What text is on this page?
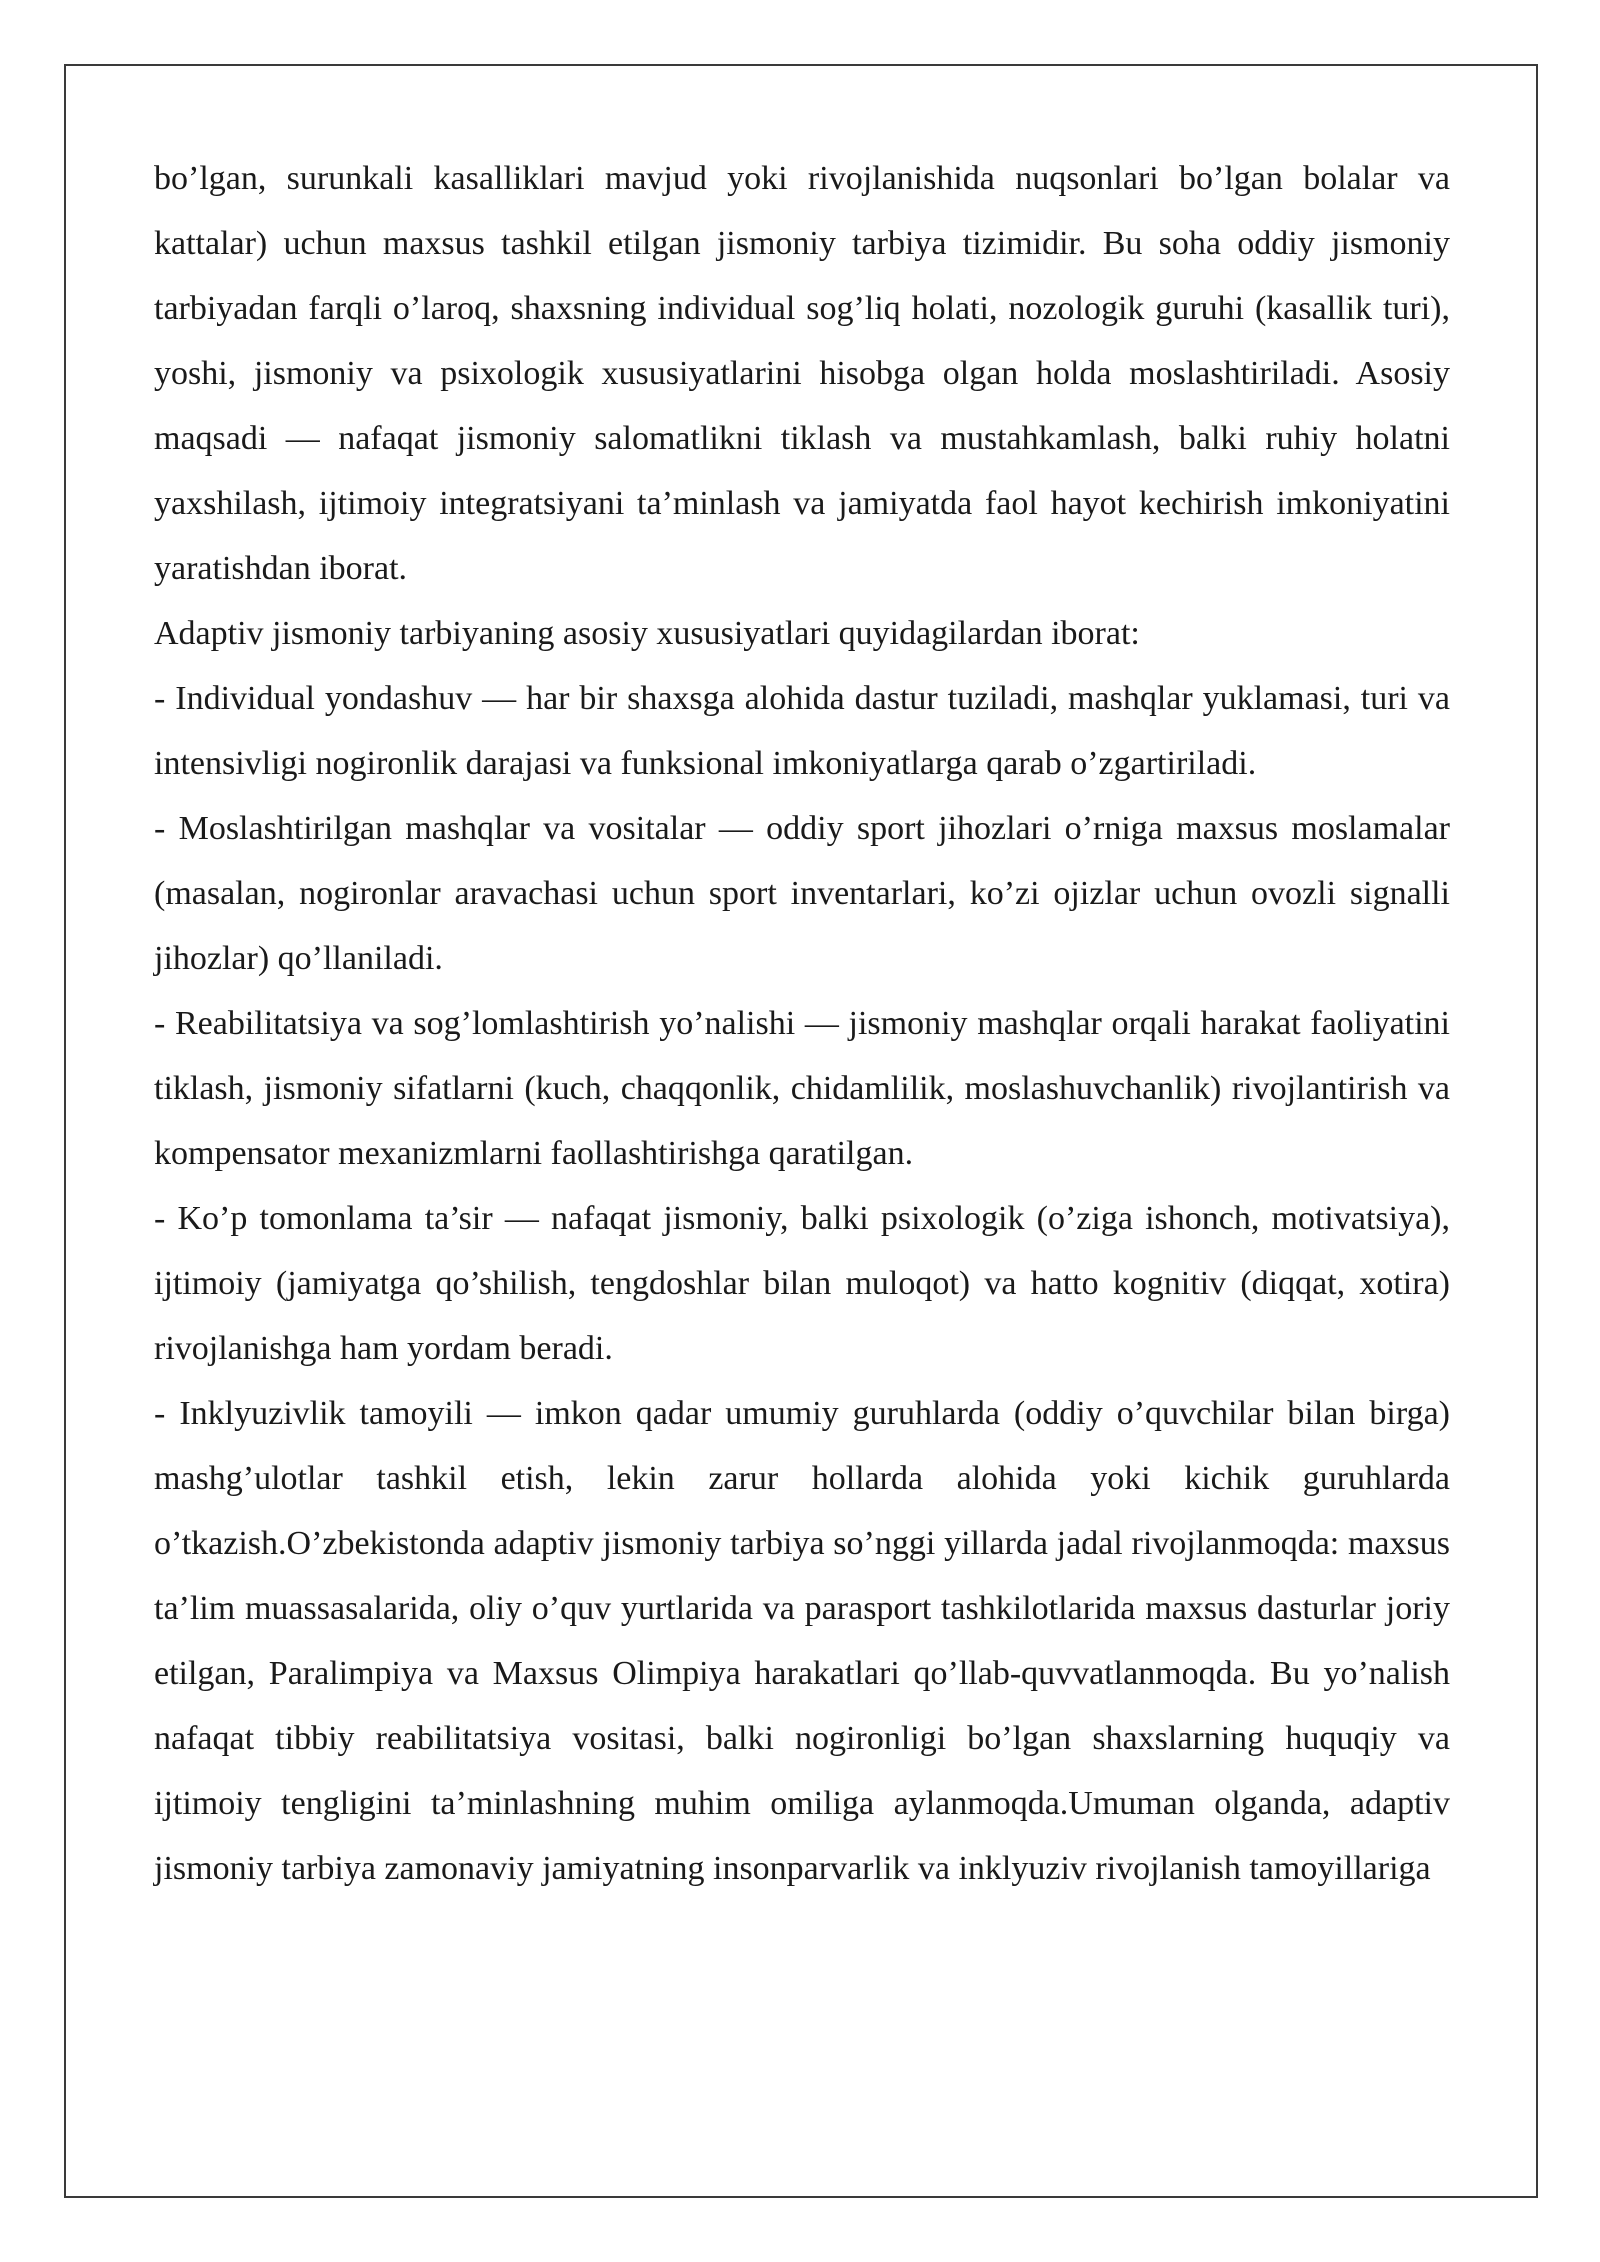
bo’lgan, surunkali kasalliklari mavjud yoki rivojlanishida nuqsonlari bo’lgan bolalar va kattalar) uchun maxsus tashkil etilgan jismoniy tarbiya tizimidir. Bu soha oddiy jismoniy tarbiyadan farqli o’laroq, shaxsning individual sog’liq holati, nozologik guruhi (kasallik turi), yoshi, jismoniy va psixologik xususiyatlarini hisobga olgan holda moslashtiriladi. Asosiy maqsadi — nafaqat jismoniy salomatlikni tiklash va mustahkamlash, balki ruhiy holatni yaxshilash, ijtimoiy integratsiyani ta’minlash va jamiyatda faol hayot kechirish imkoniyatini yaratishdan iborat.

Adaptiv jismoniy tarbiyaning asosiy xususiyatlari quyidagilardan iborat:

- Individual yondashuv — har bir shaxsga alohida dastur tuziladi, mashqlar yuklamasi, turi va intensivligi nogironlik darajasi va funksional imkoniyatlarga qarab o’zgartiriladi.

- Moslashtirilgan mashqlar va vositalar — oddiy sport jihozlari o’rniga maxsus moslamalar (masalan, nogironlar aravachasi uchun sport inventarlari, ko’zi ojizlar uchun ovozli signalli jihozlar) qo’llaniladi.

- Reabilitatsiya va sog’lomlashtirish yo’nalishi — jismoniy mashqlar orqali harakat faoliyatini tiklash, jismoniy sifatlarni (kuch, chaqqonlik, chidamlilik, moslashuvchanlik) rivojlantirish va kompensator mexanizmlarni faollashtirishga qaratilgan.

- Ko’p tomonlama ta’sir — nafaqat jismoniy, balki psixologik (o’ziga ishonch, motivatsiya), ijtimoiy (jamiyatga qo’shilish, tengdoshlar bilan muloqot) va hatto kognitiv (diqqat, xotira) rivojlanishga ham yordam beradi.

- Inklyuzivlik tamoyili — imkon qadar umumiy guruhlarda (oddiy o’quvchilar bilan birga) mashg’ulotlar tashkil etish, lekin zarur hollarda alohida yoki kichik guruhlarda o’tkazish.O’zbekistonda adaptiv jismoniy tarbiya so’nggi yillarda jadal rivojlanmoqda: maxsus ta’lim muassasalarida, oliy o’quv yurtlarida va parasport tashkilotlarida maxsus dasturlar joriy etilgan, Paralimpiya va Maxsus Olimpiya harakatlari qo’llab-quvvatlanmoqda. Bu yo’nalish nafaqat tibbiy reabilitatsiya vositasi, balki nogironligi bo’lgan shaxslarning huquqiy va ijtimoiy tengligini ta’minlashning muhim omiliga aylanmoqda.Umuman olganda, adaptiv jismoniy tarbiya zamonaviy jamiyatning insonparvarlik va inklyuziv rivojlanish tamoyillariga
